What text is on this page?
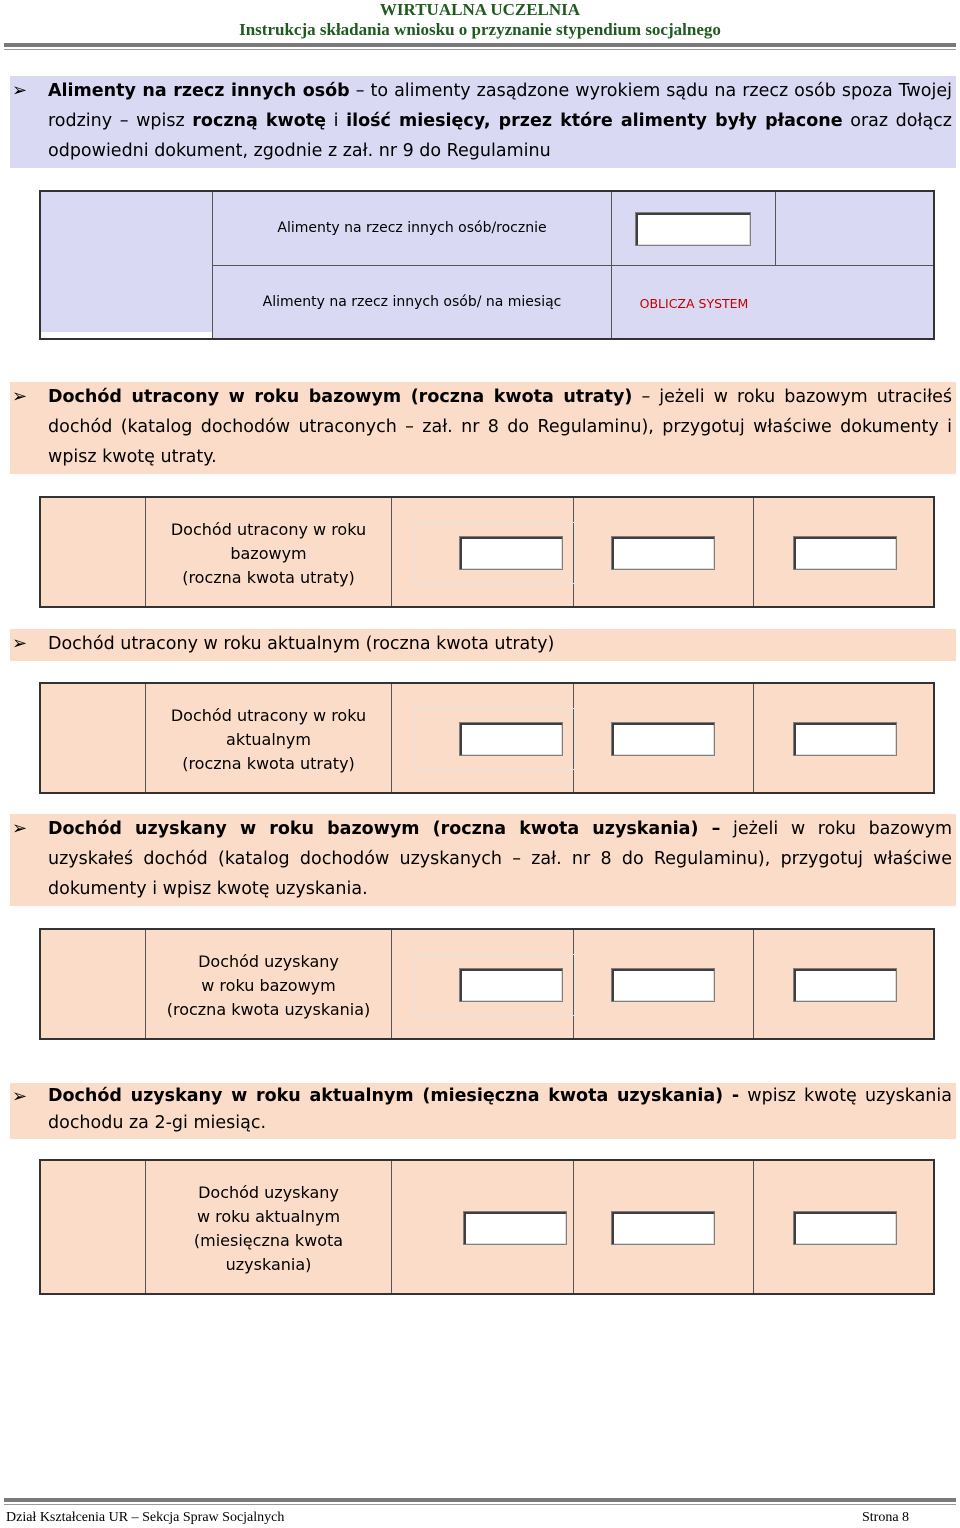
WIRTUALNA UCZELNIA
Instrukcja składania wniosku o przyznanie stypendium socjalnego
➢ Alimenty na rzecz innych osób – to alimenty zasądzone wyrokiem sądu na rzecz osób spoza Twojej rodziny – wpisz roczną kwotę i ilość miesięcy, przez które alimenty były płacone oraz dołącz odpowiedni dokument, zgodnie z zał. nr 9 do Regulaminu

Alimenty na rzecz innych osób/rocznie
Alimenty na rzecz innych osób/ na miesiąc	OBLICZA SYSTEM
➢ Dochód utracony w roku bazowym (roczna kwota utraty) – jeżeli w roku bazowym utraciłeś dochód (katalog dochodów utraconych – zał. nr 8 do Regulaminu), przygotuj właściwe dokumenty i wpisz kwotę utraty.

Dochód utracony w roku
bazowym
(roczna kwota utraty)
➢ Dochód utracony w roku aktualnym (roczna kwota utraty)

Dochód utracony w roku
aktualnym
(roczna kwota utraty)
➢ Dochód uzyskany w roku bazowym (roczna kwota uzyskania) – jeżeli w roku bazowym uzyskałeś dochód (katalog dochodów uzyskanych – zał. nr 8 do Regulaminu), przygotuj właściwe dokumenty i wpisz kwotę uzyskania.

Dochód uzyskany
w roku bazowym
(roczna kwota uzyskania)
➢ Dochód uzyskany w roku aktualnym (miesięczna kwota uzyskania) - wpisz kwotę uzyskania dochodu za 2-gi miesiąc.

Dochód uzyskany
w roku aktualnym
(miesięczna kwota
uzyskania)
Dział Kształcenia UR – Sekcja Spraw Socjalnych	Strona 8
